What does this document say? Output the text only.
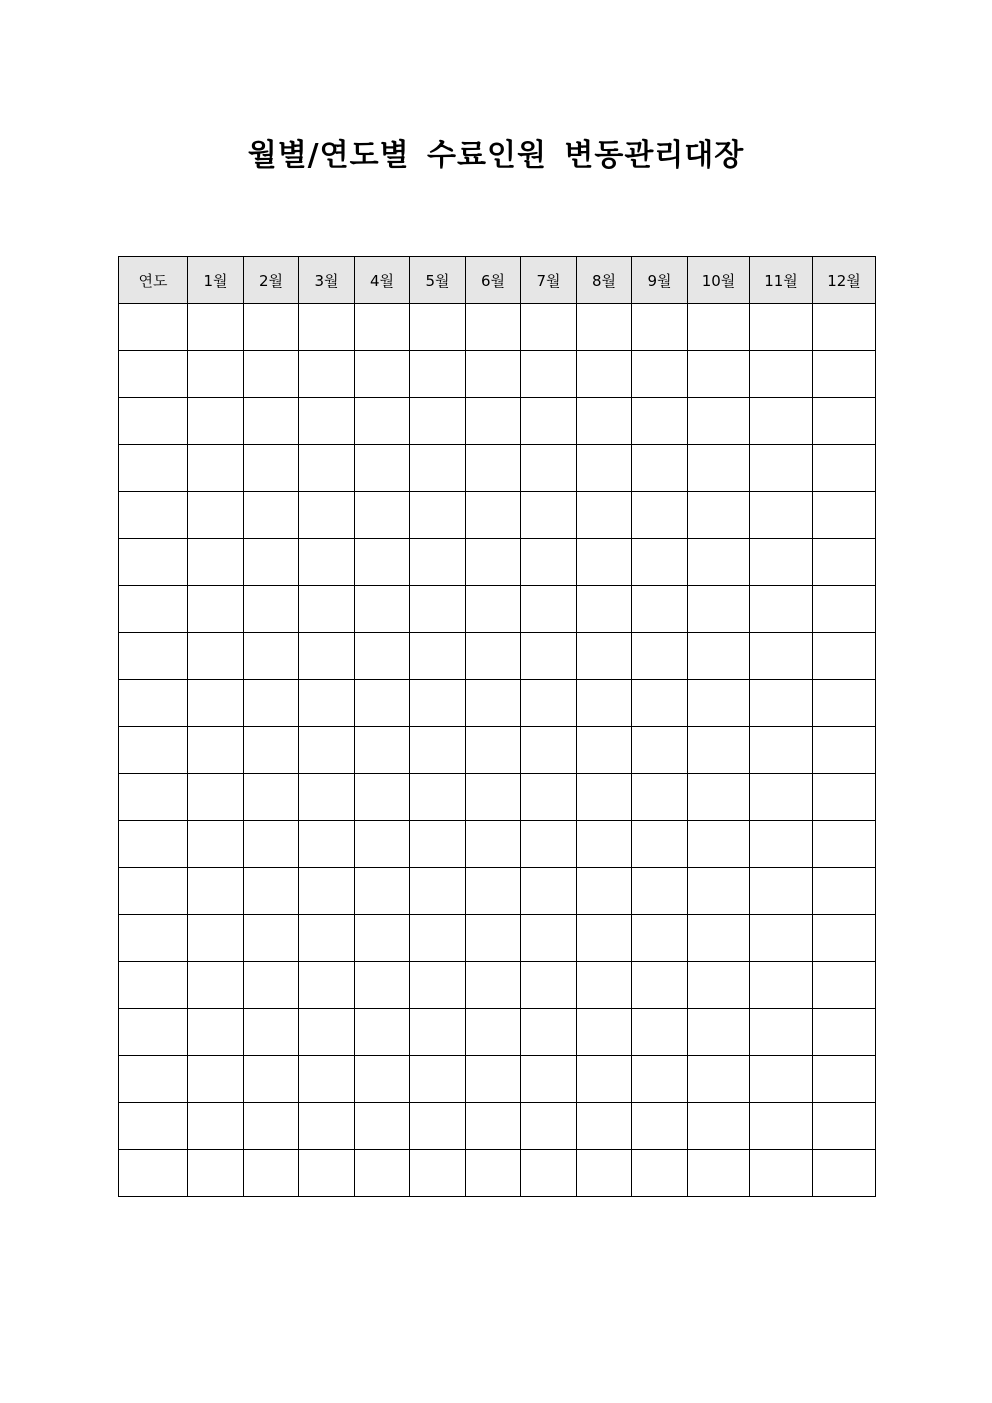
월별/연도별 수료인원 변동관리대장
연도	1월	2월	3월	4월	5월	6월	7월	8월	9월	10월	11월	12월
